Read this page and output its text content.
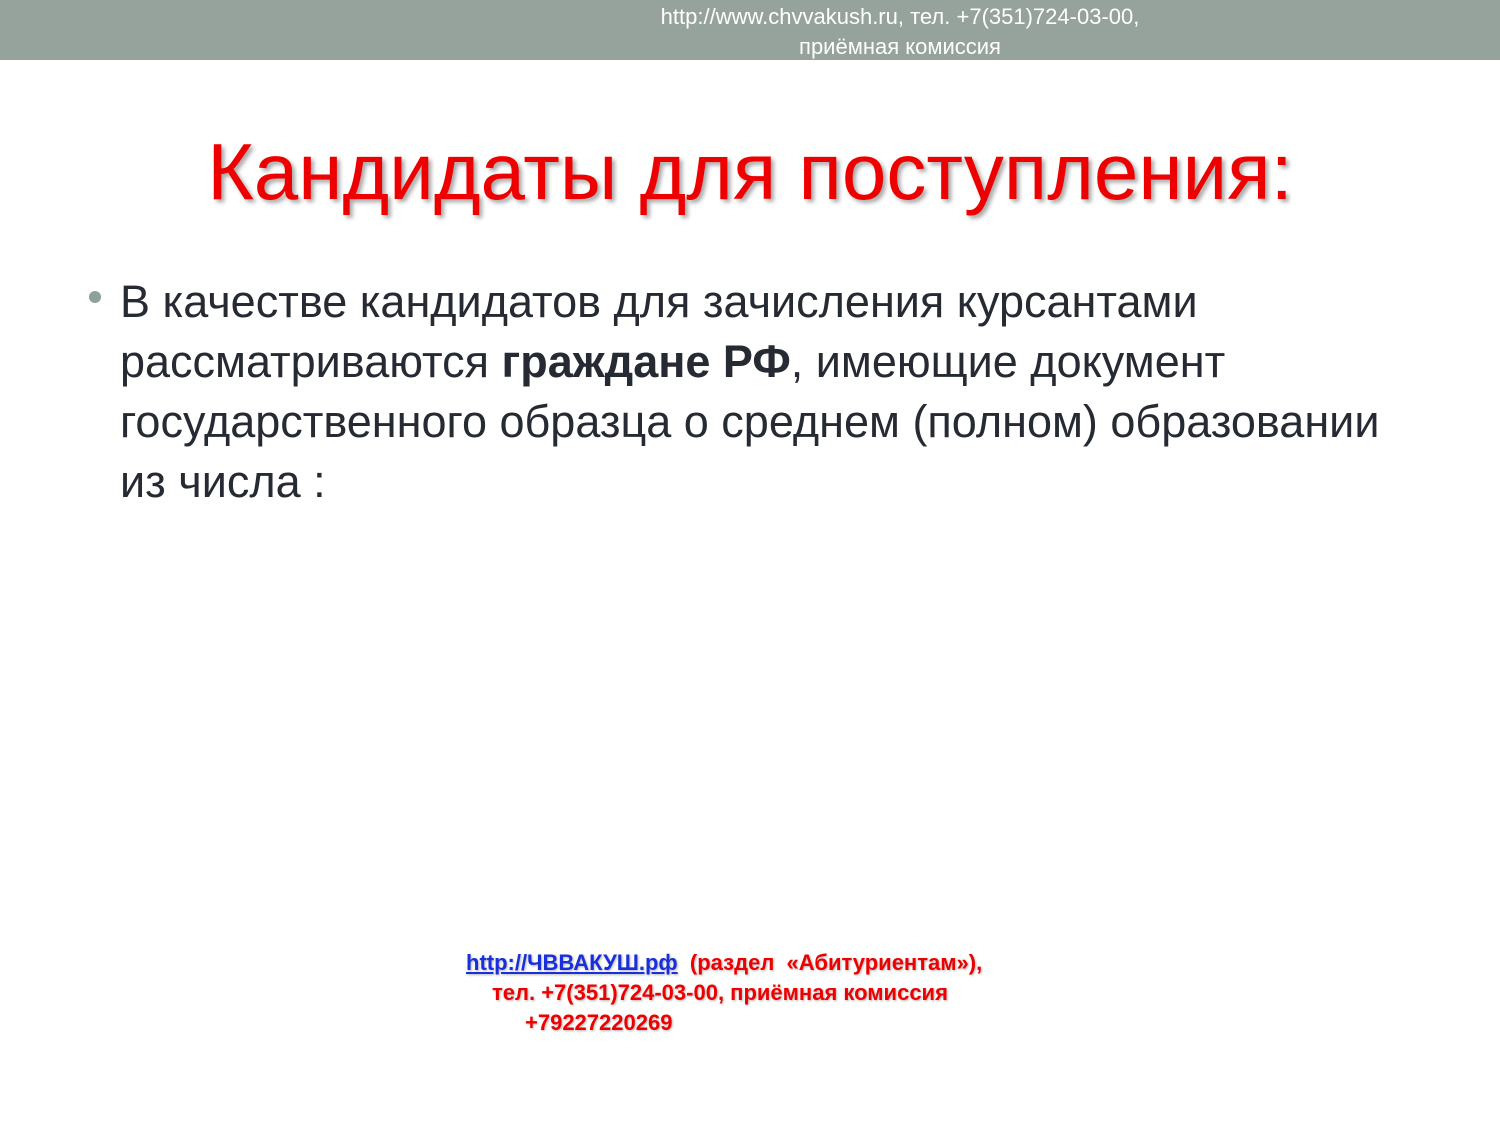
http://www.chvvakush.ru, тел. +7(351)724-03-00,
приёмная комиссия
Кандидаты для поступления:

В качестве кандидатов для зачисления курсантами рассматриваются граждане РФ, имеющие документ государственного образца о среднем (полном) образовании из числа :

http://ЧВВАКУШ.рф  (раздел  «Абитуриентам»),
тел. +7(351)724-03-00, приёмная комиссия
+79227220269
